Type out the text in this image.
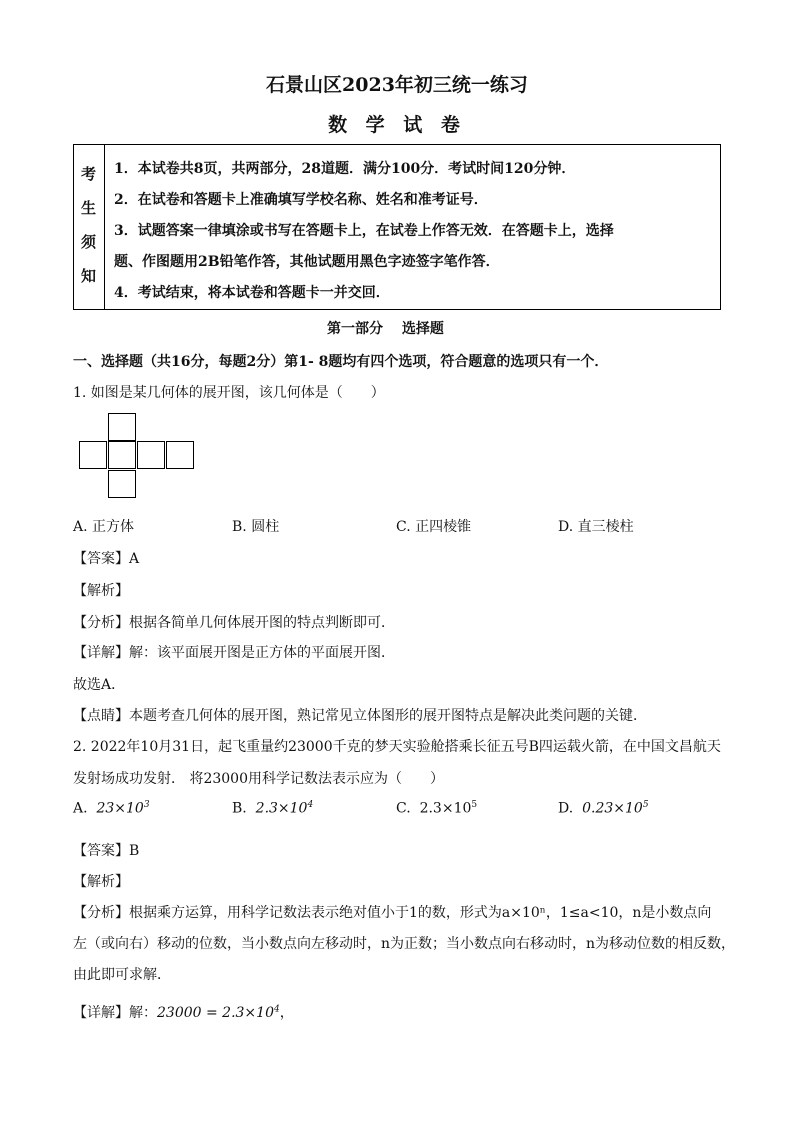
石景山区2023年初三统一练习
数 学 试 卷
考
生
须
知
1．本试卷共8页，共两部分，28道题．满分100分．考试时间120分钟．
2．在试卷和答题卡上准确填写学校名称、姓名和准考证号．
3．试题答案一律填涂或书写在答题卡上，在试卷上作答无效．在答题卡上，选择
题、作图题用2B铅笔作答，其他试题用黑色字迹签字笔作答．
4．考试结束，将本试卷和答题卡一并交回．
第一部分　 选择题
一、选择题（共16分，每题2分）第1- 8题均有四个选项，符合题意的选项只有一个．
1. 如图是某几何体的展开图，该几何体是（　　）
A. 正方体	B. 圆柱	C. 正四棱锥	D. 直三棱柱
【答案】A
【解析】
【分析】根据各简单几何体展开图的特点判断即可．
【详解】解：该平面展开图是正方体的平面展开图．
故选A．
【点睛】本题考查几何体的展开图，熟记常见立体图形的展开图特点是解决此类问题的关键．
2. 2022年10月31日，起飞重量约23000千克的梦天实验舱搭乘长征五号B四运载火箭，在中国文昌航天
发射场成功发射． 将23000用科学记数法表示应为（　　）
A. $23\times 10^3$	B. $2.3\times 10^4$	C. $2.3\times 10^5$	D. $0.23\times 10^5$
【答案】B
【解析】
【分析】根据乘方运算，用科学记数法表示绝对值小于1的数，形式为a×10ⁿ，1≤a<10，n是小数点向
左（或向右）移动的位数，当小数点向左移动时，n为正数；当小数点向右移动时，n为移动位数的相反数，
由此即可求解．
【详解】解：$23000 = 2.3\times 10^4$，
